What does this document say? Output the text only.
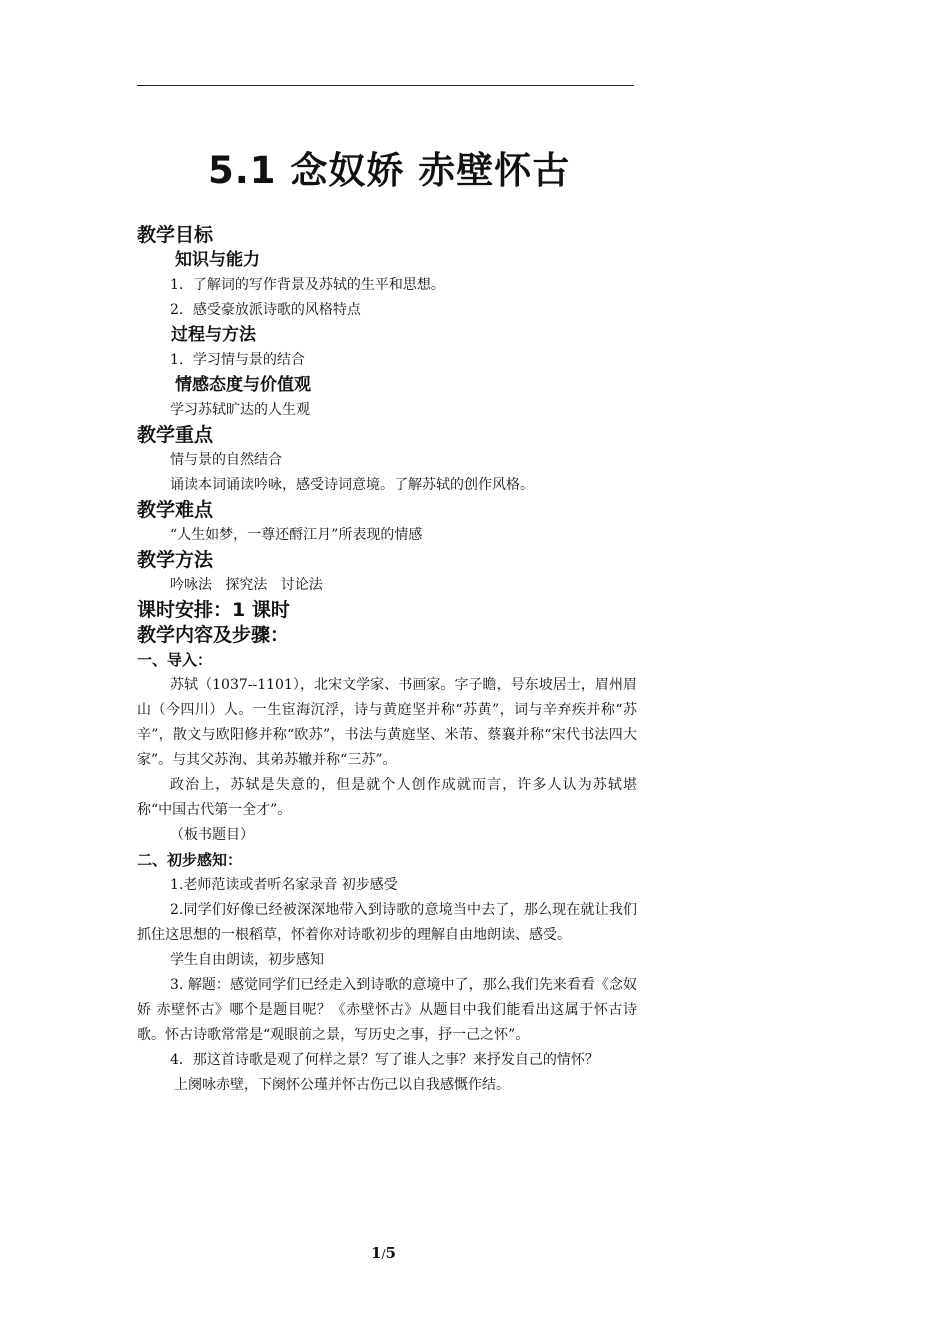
5.1 念奴娇 赤壁怀古

教学目标

知识与能力

1．了解词的写作背景及苏轼的生平和思想。

2．感受豪放派诗歌的风格特点

过程与方法

1．学习情与景的结合

情感态度与价值观

学习苏轼旷达的人生观

教学重点

情与景的自然结合

诵读本词诵读吟咏，感受诗词意境。了解苏轼的创作风格。

教学难点

“人生如梦，一尊还酹江月”所表现的情感

教学方法

吟咏法   探究法   讨论法

课时安排：1 课时

教学内容及步骤：

一、导入：

苏轼（1037--1101），北宋文学家、书画家。字子瞻，号东坡居士，眉州眉山（今四川）人。一生宦海沉浮，诗与黄庭坚并称“苏黄”，词与辛弃疾并称“苏辛”，散文与欧阳修并称“欧苏”，书法与黄庭坚、米芾、蔡襄并称“宋代书法四大家”。与其父苏洵、其弟苏辙并称“三苏”。

政治上，苏轼是失意的，但是就个人创作成就而言，许多人认为苏轼堪称“中国古代第一全才”。

（板书题目）

二、初步感知：

1.老师范读或者听名家录音 初步感受

2.同学们好像已经被深深地带入到诗歌的意境当中去了，那么现在就让我们抓住这思想的一根稻草，怀着你对诗歌初步的理解自由地朗读、感受。

学生自由朗读，初步感知

3. 解题：感觉同学们已经走入到诗歌的意境中了，那么我们先来看看《念奴娇 赤壁怀古》哪个是题目呢？《赤壁怀古》从题目中我们能看出这属于怀古诗歌。怀古诗歌常常是“观眼前之景，写历史之事，抒一己之怀”。

4．那这首诗歌是观了何样之景？写了谁人之事？来抒发自己的情怀？

上阕咏赤壁，下阕怀公瑾并怀古伤己以自我感慨作结。

1/5
